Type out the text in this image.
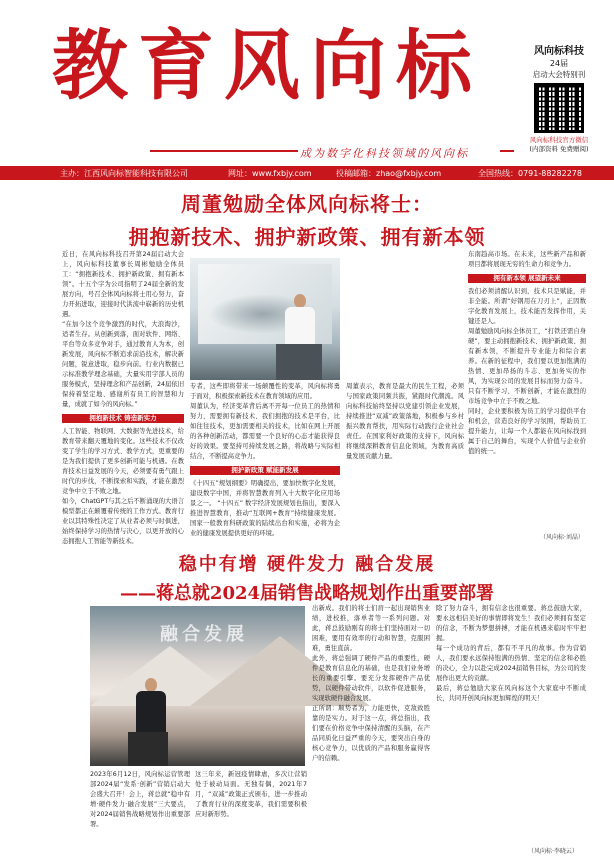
教育风向标
成为数字化科技领域的风向标
风向标科技
24届
启动大会特别刊
风向标科技官方微信
(内部资料 免费赠阅)
主办：江西风向标智能科技有限公司	网址：www.fxbjy.com	投稿邮箱：zhao@fxbjy.com	全国热线：0791-88282278
周董勉励全体风向标将士：
拥抱新技术、拥护新政策、拥有新本领

近日，在风向标科技召开第24届启动大会上，风向标科技董事长周彬勉励全体员工：“拥抱新技术、拥护新政策、拥有新本领”。十五个字为公司指明了24届全新的发展方向，号召全体风向标将士用心努力，奋力开拓进取，迎接时代洪流中崭新的历史机遇。

“在加今这个竞争激烈的时代，大浪淘沙，适者生存。从创新到落，面对软件、网络、平台等众多竞争对手，通过教育人为本，创新发展，风向标不断追求前沿技术，解决新问题，锐意进取，稳步向前。行业内数据已示标准教学理念基础，大量实用宇部人员的服务模式，坚持理念和产品创新，24届依旧保持着坚定地、感谢所有员工的智慧和力量，成就了如今的风向标。”

拥抱新技术 铸造新实力

人工智能、物联网、大数据等先进技术，给教育带来翻天覆地的变化。这些技术不仅改变了学生的学习方式、教学方式，更重要的是为我们提供了更多创新可能与机遇。在教育技术日益发展的今天，必须要有勇气跟上时代的步伐，不断探索和实践，才能在激烈竞争中立于不败之地。

如今，ChatGPT与其之后不断涌现的大语言模型都正在颠覆着传统的工作方式。教育行业以其特殊性决定了从业者必须与时俱进，始终保持学习的热情与决心，以更开放的心态拥抱人工智能等新技术。

专者，这些即将带来一场颠覆性的变革，风向标将勇于面对，积极探索新技术在教育领域的应用。

周董认为，经济变革背后离不开每一位员工的热情和努力，需要拥有新技术、我们拥抱的技术是平台，比如往往技术，更加需要相关的技术，比如在网上开展的各种创新活动，都需要一个良好的心态才能获得良好的效果。要坚持可持续发展之路，将战略与实际相结合，不断提高竞争力。

拥护新政策 赋能新发展

《十四五”规划纲要》明确提出，要加快数字化发展，建设数字中国，并将智慧教育列入十大数字化应用场景之一。 “十四五” 数字经济发展规划也指出，要深入推进智慧教育，推动“互联网+教育”持续健康发展。国家一般教育科研政策的陆续出台和实施，必将为企业的健康发展提供更好的环境。

周董表示，教育是最大的民生工程，必须与国家政策同频共振，紧跟时代潮流。风向标科技始终坚持以党建引领企业发展，持续推进“双减”政策落地，积极参与乡村振兴教育帮扶，用实际行动践行企业社会责任。在国家利好政策的支持下，风向标将继续深耕教育信息化领域，为教育高质量发展贡献力量。

东南趋高市场。在未来，这些新产品和新项目都将展现无穷的生命力和竞争力。

拥有新本领 展望新未来

我们必须清醒认识到，技术只是赋能，并非全能。所谓“好钢用在刀刃上”，正因数字化教育发展上，技术能否发挥作用，关键还是人。

周董勉励风向标全体员工，“打铁还需自身硬”，要主动拥抱新技术、拥护新政策、拥有新本领，不断提升专业能力和综合素养。在新的征程中，我们要以更加饱满的热情、更加昂扬的斗志、更加务实的作风，为实现公司的发展目标而努力奋斗。只有不断学习、不断创新，才能在激烈的市场竞争中立于不败之地。

同时，企业要积极为员工的学习提供平台和机会，营造良好的学习氛围，帮助员工提升能力，让每一个人都能在风向标找到属于自己的舞台，实现个人价值与企业价值的统一。

（风向标·刘晶）
稳中有增 硬件发力 融合发展
——蒋总就2024届销售战略规划作出重要部署
融合发展
2023年6月12日，风向标运营管理部2024届“发系·创新”营销启动大会盛大召开！会上，蒋总就“稳中有增·硬件发力·融合发展”三大要点，对2024届销售战略规划作出重要部署。

这三年来，新冠疫情肆虐，多次让营销处于被动局面。无独有偶，2021年7月，“双减”政策正式颁布，进一步推动了教育行业的深度变革，我们需要积极应对新形势。

出新成。我们的将士们肩一起出现销售业绩，进校推，落单者等一系列问题。对此，蒋总鼓励刚有的将士们坚持面对一切困难，要用有效率的行动和智慧，克服困难，勇往直前。

此外，蒋总强调了硬件产品的重要性，硬件是教育信息化的基础，也是我们业务增长的重要引擎。要充分发挥硬件产品优势，以硬件带动软件，以软件促进服务，实现软硬件融合发展。

正所谓：顺势者为，力能更快，克敌致胜靠的是实力。对于这一点，蒋总指出，我们要在价格竞争中保持清醒的头脑，在产品同质化日益严重的今天，要突出自身的核心竞争力，以优质的产品和服务赢得客户的信赖。

除了努力奋斗，拥有信念也很重要。蒋总鼓励大家，要永远相信美好的事情即将发生！我们必须拥有坚定的信念，不断为梦想拼搏，才能在机遇来临时牢牢把握。

每一个成功的背后，都有不平凡的故事。作为营销人，我们要永远保持饱满的热情、坚定的信念和必胜的决心，全力以赴完成2024届销售目标，为公司的发展作出更大的贡献。

最后，蒋总勉励大家在风向标这个大家庭中不断成长，共同开创风向标更加辉煌的明天！

（风向标·李晓云）
